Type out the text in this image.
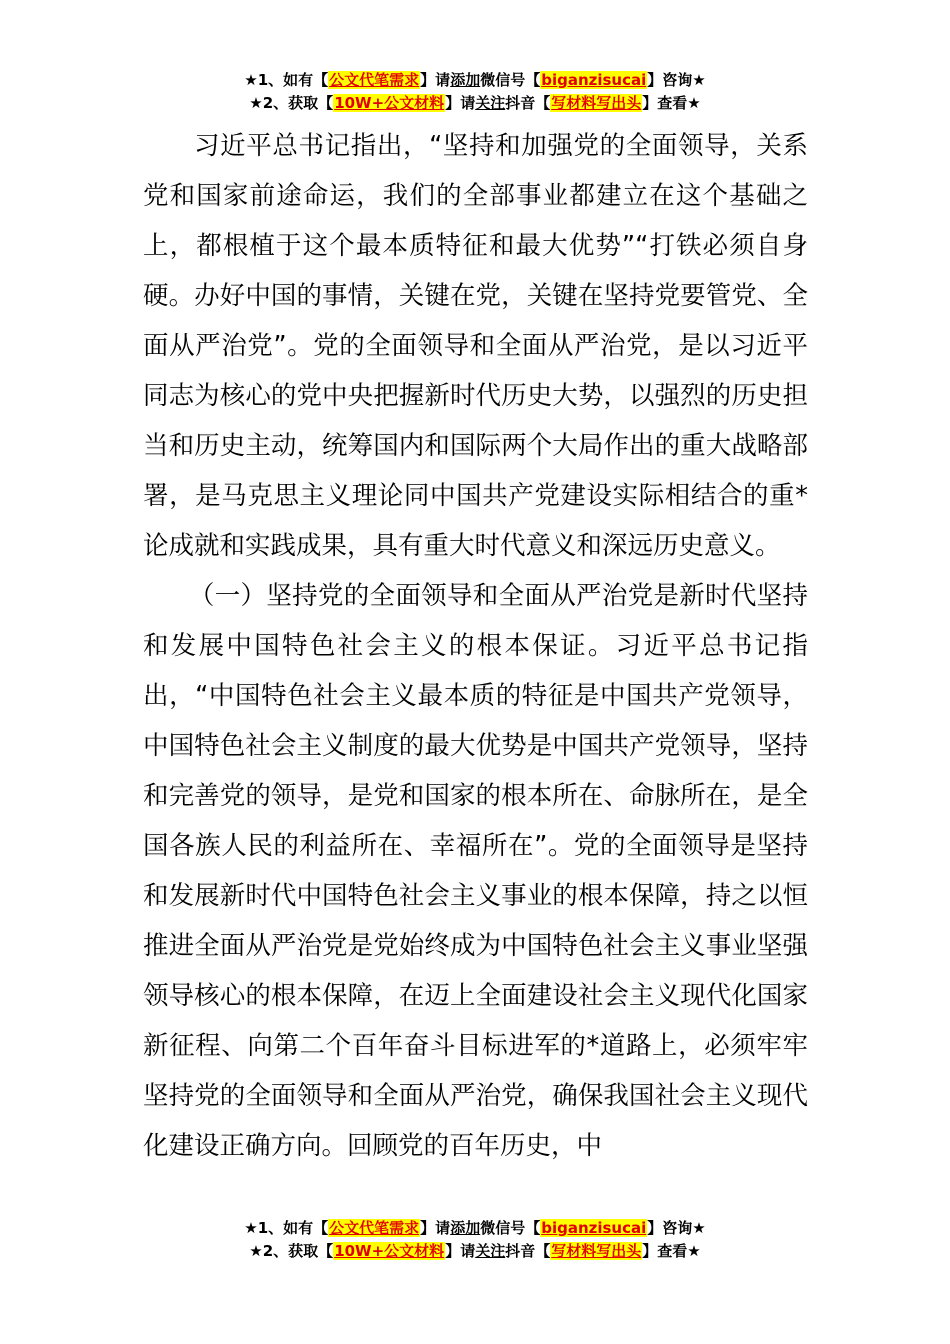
★1、如有【公文代笔需求】请添加微信号【biganzisucai】咨询★
★2、获取【10W+公文材料】请关注抖音【写材料写出头】查看★

习近平总书记指出，“坚持和加强党的全面领导，关系党和国家前途命运，我们的全部事业都建立在这个基础之上，都根植于这个最本质特征和最大优势”“打铁必须自身硬。办好中国的事情，关键在党，关键在坚持党要管党、全面从严治党”。党的全面领导和全面从严治党，是以习近平同志为核心的党中央把握新时代历史大势，以强烈的历史担当和历史主动，统筹国内和国际两个大局作出的重大战略部署，是马克思主义理论同中国共产党建设实际相结合的重*论成就和实践成果，具有重大时代意义和深远历史意义。

（一）坚持党的全面领导和全面从严治党是新时代坚持和发展中国特色社会主义的根本保证。习近平总书记指出，“中国特色社会主义最本质的特征是中国共产党领导，中国特色社会主义制度的最大优势是中国共产党领导，坚持和完善党的领导，是党和国家的根本所在、命脉所在，是全国各族人民的利益所在、幸福所在”。党的全面领导是坚持和发展新时代中国特色社会主义事业的根本保障，持之以恒推进全面从严治党是党始终成为中国特色社会主义事业坚强领导核心的根本保障，在迈上全面建设社会主义现代化国家新征程、向第二个百年奋斗目标进军的*道路上，必须牢牢坚持党的全面领导和全面从严治党，确保我国社会主义现代化建设正确方向。回顾党的百年历史，中

★1、如有【公文代笔需求】请添加微信号【biganzisucai】咨询★
★2、获取【10W+公文材料】请关注抖音【写材料写出头】查看★
